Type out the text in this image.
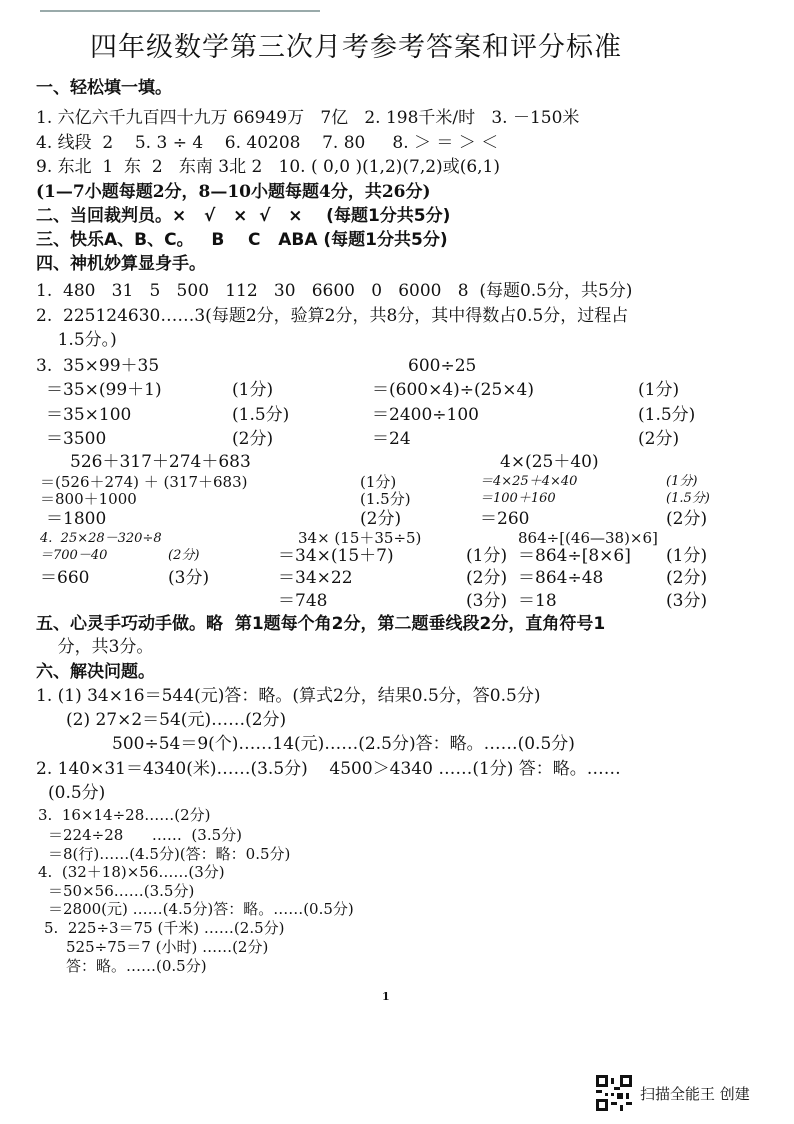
一、轻松填一填。
1. 六亿六千九百四十九万 66949万   7亿   2. 198千米/时   3. －150米
4. 线段  2    5. 3 ÷ 4    6. 40208    7. 80     8. ＞ ＝ ＞ ＜
9. 东北  1  东  2   东南 3北 2   10. ( 0,0 )(1,2)(7,2)或(6,1)
(1—7小题每题2分，8—10小题每题4分，共26分)
二、当回裁判员。×   √   ×  √   ×    (每题1分共5分)
三、快乐A、B、C。   B    C   ABA (每题1分共5分)
四、神机妙算显身手。
1.  480   31   5   500   112   30   6600   0   6000   8  (每题0.5分，共5分)
2.  225124630……3(每题2分，验算2分，共8分，其中得数占0.5分，过程占
1.5分。)
3.  35×99＋35	600÷25
＝35×(99＋1)	(1分)	＝(600×4)÷(25×4)	(1分)
＝35×100	(1.5分)	＝2400÷100	(1.5分)
＝3500	(2分)	＝24	(2分)
526＋317＋274＋683	4×(25＋40)
＝(526＋274) ＋ (317＋683)	(1分)	＝4×25＋4×40	(1分)
＝800＋1000	(1.5分)	＝100＋160	(1.5分)
＝1800	(2分)	＝260	(2分)
4.  25×28－320÷8	34× (15＋35÷5)	864÷[(46—38)×6]
＝700－40	(2分)	＝34×(15＋7)	(1分) ＝864÷[8×6] (1分)
＝660	(3分)	＝34×22	(2分) ＝864÷48	(2分)
＝748	(3分) ＝18	(3分)
五、心灵手巧动手做。略  第1题每个角2分，第二题垂线段2分，直角符号1
分，共3分。
六、解决问题。
1. (1) 34×16＝544(元)答：略。(算式2分，结果0.5分，答0.5分)
(2) 27×2＝54(元)……(2分)
500÷54＝9(个)……14(元)……(2.5分)答：略。……(0.5分)
2. 140×31＝4340(米)……(3.5分)    4500＞4340 ……(1分) 答：略。……
(0.5分)
3.  16×14÷28……(2分)
＝224÷28      ……  (3.5分)
＝8(行)……(4.5分)(答：略：0.5分)
4.  (32＋18)×56……(3分)
＝50×56……(3.5分)
＝2800(元) ……(4.5分)答：略。……(0.5分)
5.  225÷3＝75 (千米) ……(2.5分)
525÷75＝7 (小时) ……(2分)
答：略。……(0.5分)
1
扫描全能王 创建
四年级数学第三次月考参考答案和评分标准
